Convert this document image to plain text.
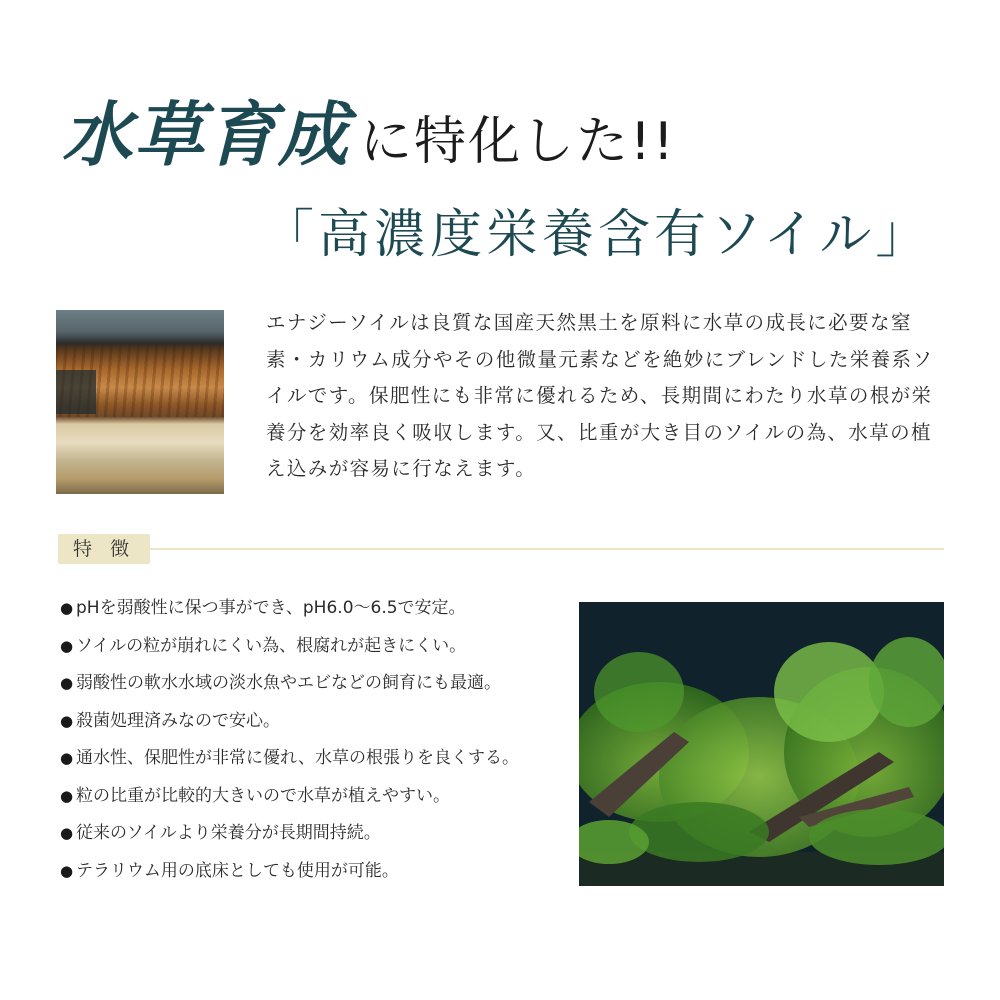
水草育成 に特化した!!
「高濃度栄養含有ソイル」

エナジーソイルは良質な国産天然黒土を原料に水草の成長に必要な窒素・カリウム成分やその他微量元素などを絶妙にブレンドした栄養系ソイルです。保肥性にも非常に優れるため、長期間にわたり水草の根が栄養分を効率良く吸収します。又、比重が大き目のソイルの為、水草の植え込みが容易に行なえます。

特 徴
● pHを弱酸性に保つ事ができ、pH6.0～6.5で安定。
● ソイルの粒が崩れにくい為、根腐れが起きにくい。
● 弱酸性の軟水水域の淡水魚やエビなどの飼育にも最適。
● 殺菌処理済みなので安心。
● 通水性、保肥性が非常に優れ、水草の根張りを良くする。
● 粒の比重が比較的大きいので水草が植えやすい。
● 従来のソイルより栄養分が長期間持続。
● テラリウム用の底床としても使用が可能。
